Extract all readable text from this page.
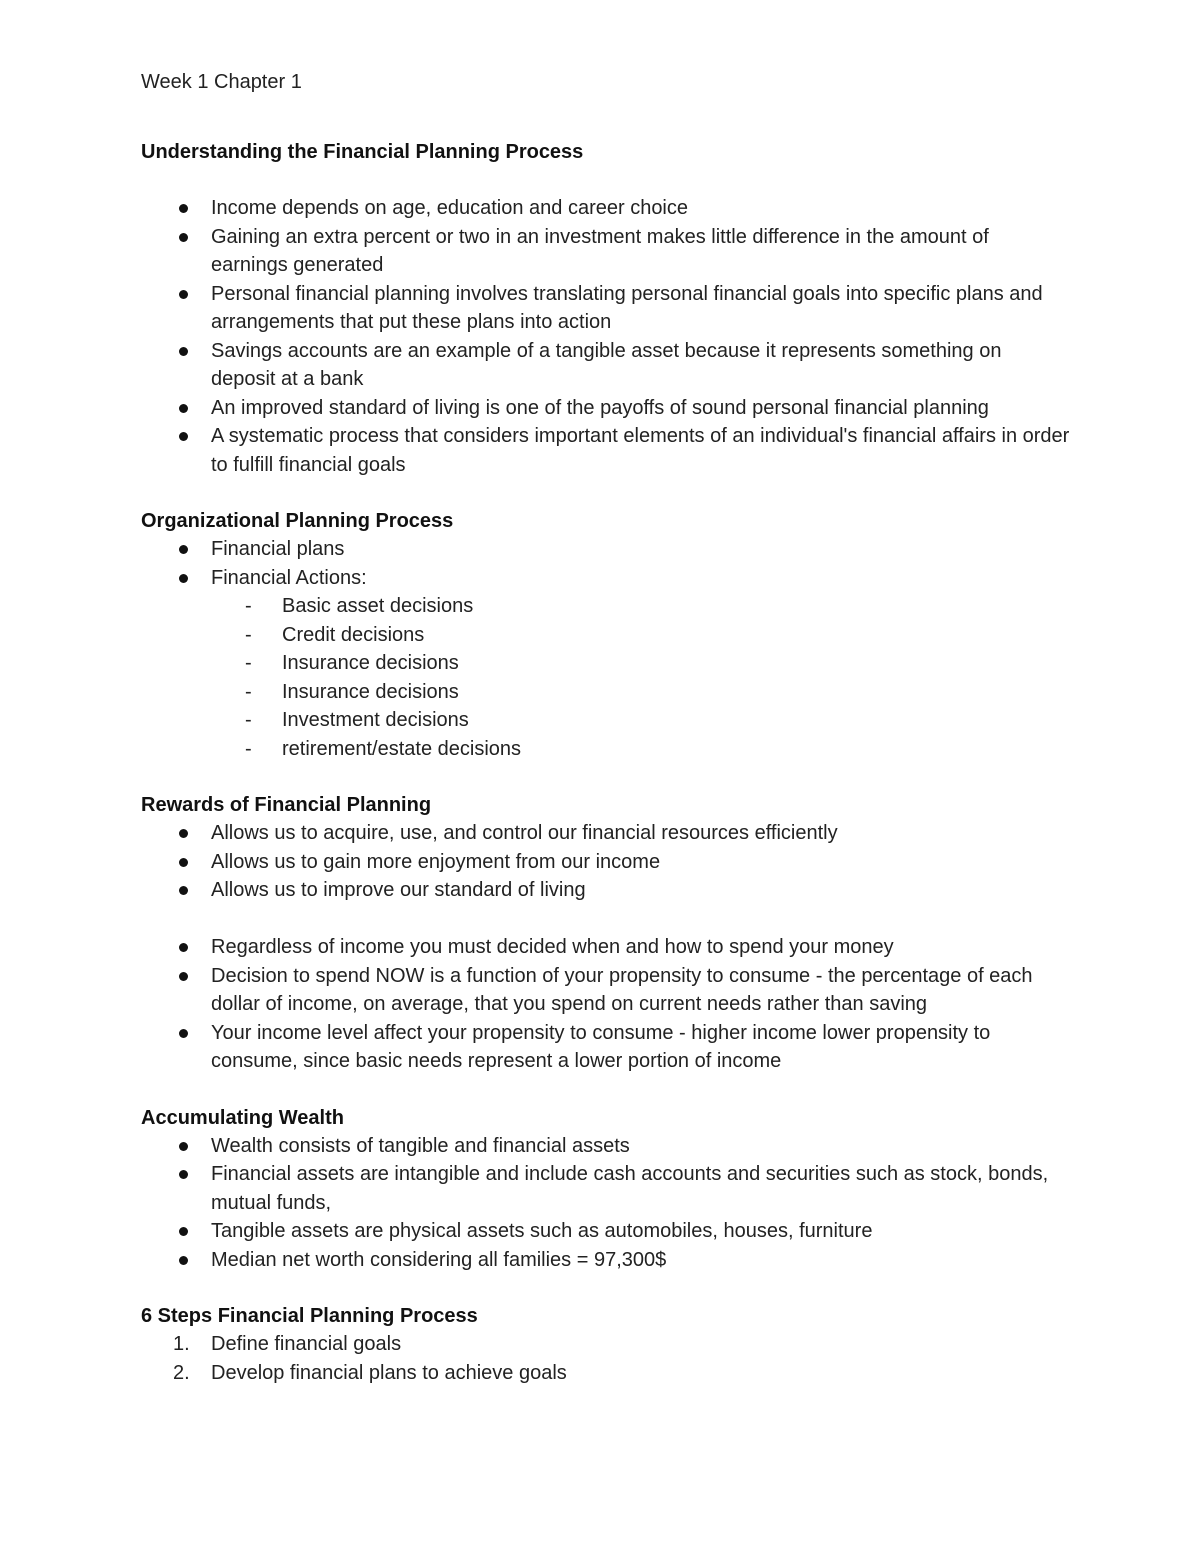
Week 1 Chapter 1
Understanding the Financial Planning Process
Income depends on age, education and career choice
Gaining an extra percent or two in an investment makes little difference in the amount of earnings generated
Personal financial planning involves translating personal financial goals into specific plans and arrangements that put these plans into action
Savings accounts are an example of a tangible asset because it represents something on deposit at a bank
An improved standard of living is one of the payoffs of sound personal financial planning
A systematic process that considers important elements of an individual's financial affairs in order to fulfill financial goals
Organizational Planning Process
Financial plans
Financial Actions:
- Basic asset decisions
- Credit decisions
- Insurance decisions
- Insurance decisions
- Investment decisions
- retirement/estate decisions
Rewards of Financial Planning
Allows us to acquire, use, and control our financial resources efficiently
Allows us to gain more enjoyment from our income
Allows us to improve our standard of living
Regardless of income you must decided when and how to spend your money
Decision to spend NOW is a function of your propensity to consume - the percentage of each dollar of income, on average, that you spend on current needs rather than saving
Your income level affect your propensity to consume - higher income lower propensity to consume, since basic needs represent a lower portion of income
Accumulating Wealth
Wealth consists of tangible and financial assets
Financial assets are intangible and include cash accounts and securities such as stock, bonds, mutual funds,
Tangible assets are physical assets such as automobiles, houses, furniture
Median net worth considering all families = 97,300$
6 Steps Financial Planning Process
1.	Define financial goals
2.	Develop financial plans to achieve goals
